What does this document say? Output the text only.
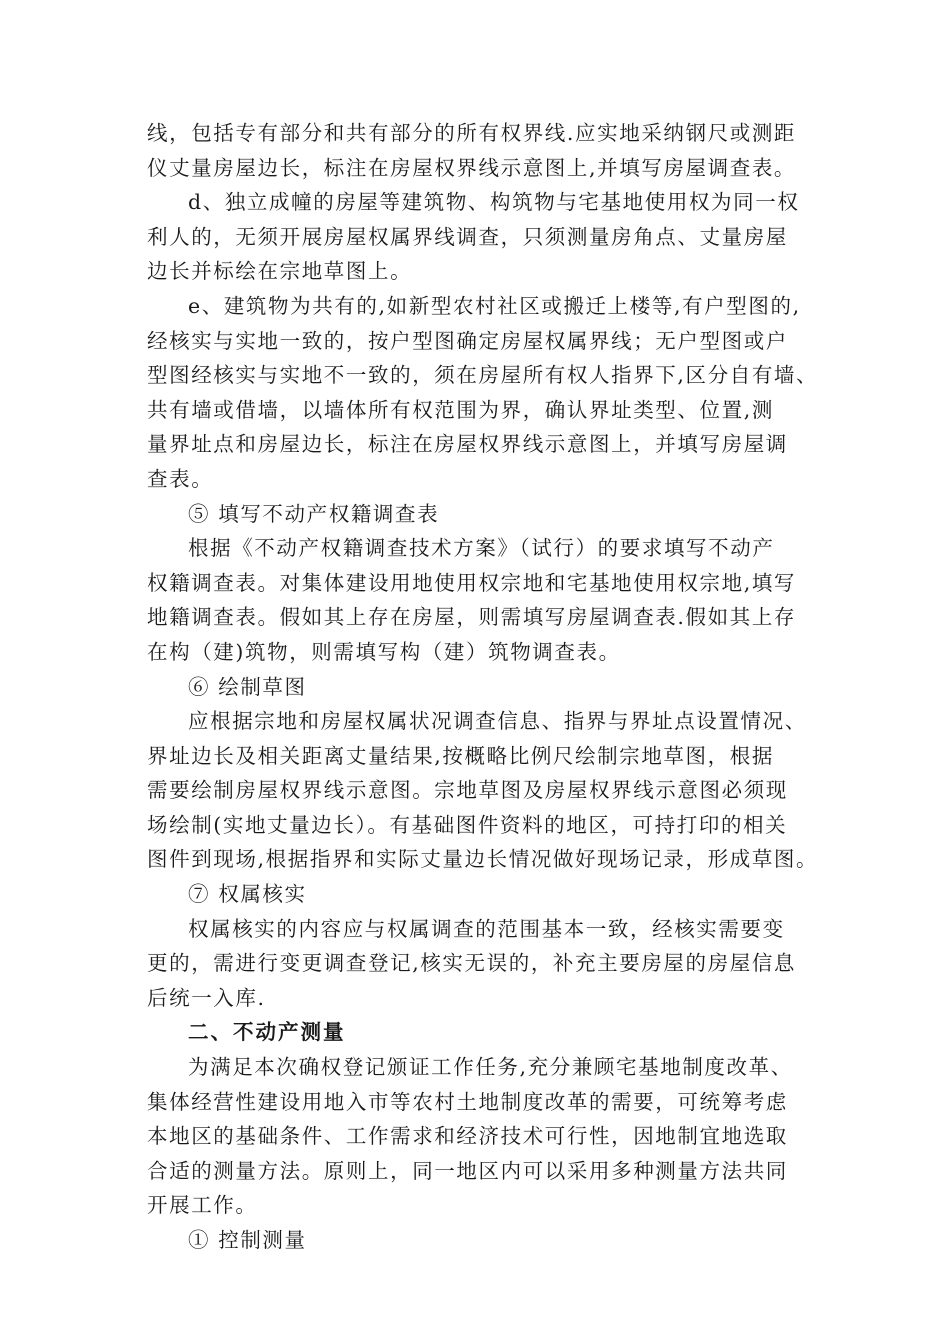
线，包括专有部分和共有部分的所有权界线.应实地采纳钢尺或测距
仪丈量房屋边长，标注在房屋权界线示意图上,并填写房屋调查表。
d、独立成幢的房屋等建筑物、构筑物与宅基地使用权为同一权
利人的，无须开展房屋权属界线调查，只须测量房角点、丈量房屋
边长并标绘在宗地草图上。
e、建筑物为共有的,如新型农村社区或搬迁上楼等,有户型图的,
经核实与实地一致的，按户型图确定房屋权属界线；无户型图或户
型图经核实与实地不一致的，须在房屋所有权人指界下,区分自有墙、
共有墙或借墙，以墙体所有权范围为界，确认界址类型、位置,测
量界址点和房屋边长，标注在房屋权界线示意图上，并填写房屋调
查表。
⑤ 填写不动产权籍调查表
根据《不动产权籍调查技术方案》（试行）的要求填写不动产
权籍调查表。对集体建设用地使用权宗地和宅基地使用权宗地,填写
地籍调查表。假如其上存在房屋，则需填写房屋调查表.假如其上存
在构（建)筑物，则需填写构（建）筑物调查表。
⑥ 绘制草图
应根据宗地和房屋权属状况调查信息、指界与界址点设置情况、
界址边长及相关距离丈量结果,按概略比例尺绘制宗地草图，根据
需要绘制房屋权界线示意图。宗地草图及房屋权界线示意图必须现
场绘制(实地丈量边长）。有基础图件资料的地区，可持打印的相关
图件到现场,根据指界和实际丈量边长情况做好现场记录，形成草图。
⑦ 权属核实
权属核实的内容应与权属调查的范围基本一致，经核实需要变
更的，需进行变更调查登记,核实无误的，补充主要房屋的房屋信息
后统一入库.
二、不动产测量
为满足本次确权登记颁证工作任务,充分兼顾宅基地制度改革、
集体经营性建设用地入市等农村土地制度改革的需要，可统筹考虑
本地区的基础条件、工作需求和经济技术可行性，因地制宜地选取
合适的测量方法。原则上，同一地区内可以采用多种测量方法共同
开展工作。
① 控制测量
